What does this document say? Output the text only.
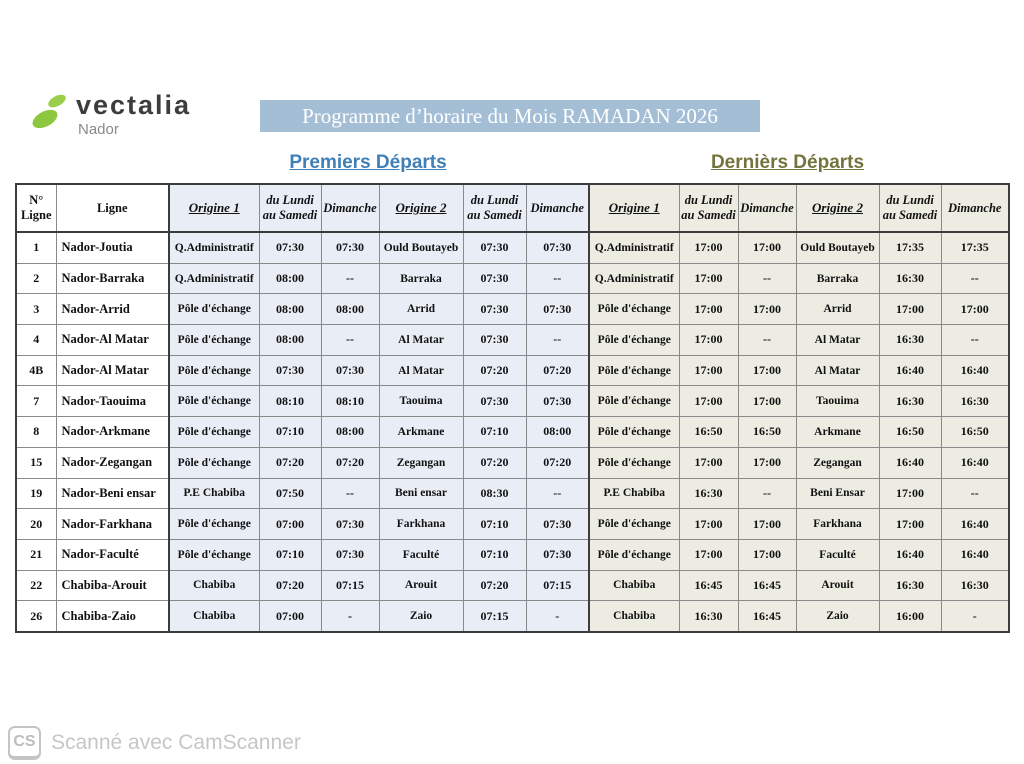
vectalia
Nador
Programme d’horaire du Mois RAMADAN 2026
Premiers Départs	Dernièrs Départs
N° Ligne	Ligne	Origine 1	du Lundi au Samedi	Dimanche	Origine 2	du Lundi au Samedi	Dimanche	Origine 1	du Lundi au Samedi	Dimanche	Origine 2	du Lundi au Samedi	Dimanche
1	Nador-Joutia	Q.Administratif	07:30	07:30	Ould Boutayeb	07:30	07:30	Q.Administratif	17:00	17:00	Ould Boutayeb	17:35	17:35
2	Nador-Barraka	Q.Administratif	08:00	--	Barraka	07:30	--	Q.Administratif	17:00	--	Barraka	16:30	--
3	Nador-Arrid	Pôle d'échange	08:00	08:00	Arrid	07:30	07:30	Pôle d'échange	17:00	17:00	Arrid	17:00	17:00
4	Nador-Al Matar	Pôle d'échange	08:00	--	Al Matar	07:30	--	Pôle d'échange	17:00	--	Al Matar	16:30	--
4B	Nador-Al Matar	Pôle d'échange	07:30	07:30	Al Matar	07:20	07:20	Pôle d'échange	17:00	17:00	Al Matar	16:40	16:40
7	Nador-Taouima	Pôle d'échange	08:10	08:10	Taouima	07:30	07:30	Pôle d'échange	17:00	17:00	Taouima	16:30	16:30
8	Nador-Arkmane	Pôle d'échange	07:10	08:00	Arkmane	07:10	08:00	Pôle d'échange	16:50	16:50	Arkmane	16:50	16:50
15	Nador-Zegangan	Pôle d'échange	07:20	07:20	Zegangan	07:20	07:20	Pôle d'échange	17:00	17:00	Zegangan	16:40	16:40
19	Nador-Beni ensar	P.E Chabiba	07:50	--	Beni ensar	08:30	--	P.E Chabiba	16:30	--	Beni Ensar	17:00	--
20	Nador-Farkhana	Pôle d'échange	07:00	07:30	Farkhana	07:10	07:30	Pôle d'échange	17:00	17:00	Farkhana	17:00	16:40
21	Nador-Faculté	Pôle d'échange	07:10	07:30	Faculté	07:10	07:30	Pôle d'échange	17:00	17:00	Faculté	16:40	16:40
22	Chabiba-Arouit	Chabiba	07:20	07:15	Arouit	07:20	07:15	Chabiba	16:45	16:45	Arouit	16:30	16:30
26	Chabiba-Zaio	Chabiba	07:00	-	Zaio	07:15	-	Chabiba	16:30	16:45	Zaio	16:00	-
CS Scanné avec CamScanner
